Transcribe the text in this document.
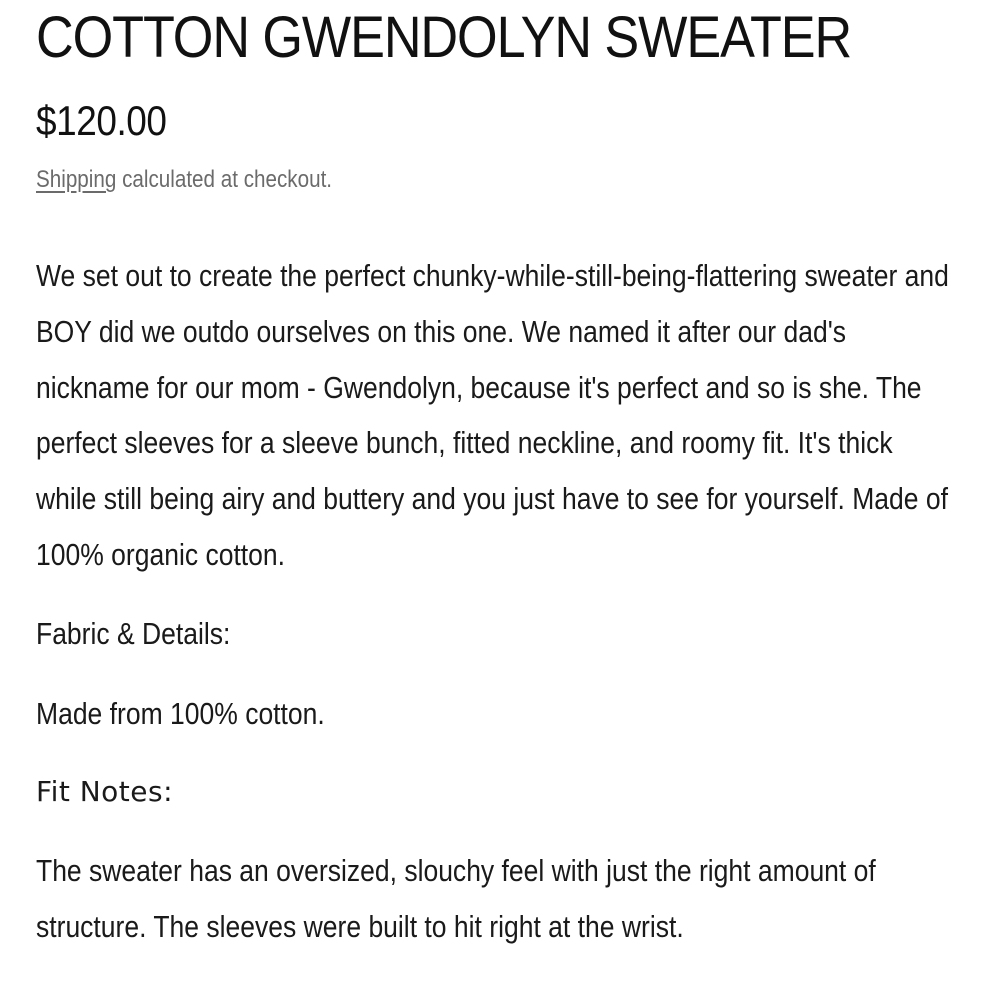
COTTON GWENDOLYN SWEATER
$120.00
Shipping calculated at checkout.

We set out to create the perfect chunky-while-still-being-flattering sweater and BOY did we outdo ourselves on this one. We named it after our dad's nickname for our mom - Gwendolyn, because it's perfect and so is she. The perfect sleeves for a sleeve bunch, fitted neckline, and roomy fit. It's thick while still being airy and buttery and you just have to see for yourself. Made of 100% organic cotton.

Fabric & Details:

Made from 100% cotton.

Fit Notes:

The sweater has an oversized, slouchy feel with just the right amount of structure. The sleeves were built to hit right at the wrist.
